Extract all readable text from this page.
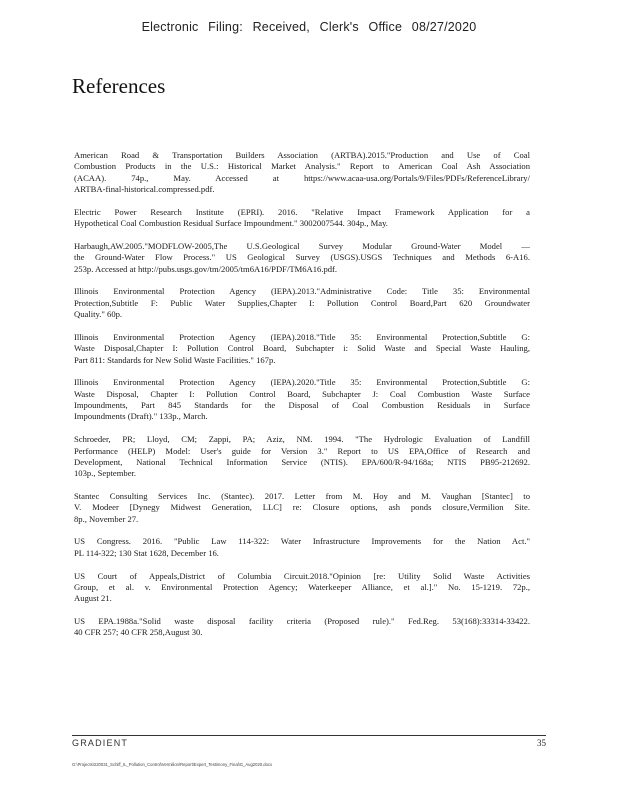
Electronic Filing: Received, Clerk's Office 08/27/2020
References
American Road & Transportation Builders Association (ARTBA).2015."Production and Use of Coal
Combustion Products in the U.S.: Historical Market Analysis." Report to American Coal Ash Association
(ACAA). 74p., May. Accessed at https://www.acaa-usa.org/Portals/9/Files/PDFs/ReferenceLibrary/
ARTBA-final-historical.compressed.pdf.
Electric Power Research Institute (EPRI). 2016. "Relative Impact Framework Application for a
Hypothetical Coal Combustion Residual Surface Impoundment." 3002007544. 304p., May.
Harbaugh,AW.2005."MODFLOW-2005,The U.S.Geological Survey Modular Ground-Water Model —
the Ground-Water Flow Process." US Geological Survey (USGS).USGS Techniques and Methods 6-A16.
253p. Accessed at http://pubs.usgs.gov/tm/2005/tm6A16/PDF/TM6A16.pdf.
Illinois Environmental Protection Agency (IEPA).2013."Administrative Code: Title 35: Environmental
Protection,Subtitle F: Public Water Supplies,Chapter I: Pollution Control Board,Part 620 Groundwater
Quality." 60p.
Illinois Environmental Protection Agency (IEPA).2018."Title 35: Environmental Protection,Subtitle G:
Waste Disposal,Chapter I: Pollution Control Board, Subchapter i: Solid Waste and Special Waste Hauling,
Part 811: Standards for New Solid Waste Facilities." 167p.
Illinois Environmental Protection Agency (IEPA).2020."Title 35: Environmental Protection,Subtitle G:
Waste Disposal, Chapter I: Pollution Control Board, Subchapter J: Coal Combustion Waste Surface
Impoundments, Part 845 Standards for the Disposal of Coal Combustion Residuals in Surface
Impoundments (Draft)." 133p., March.
Schroeder, PR; Lloyd, CM; Zappi, PA; Aziz, NM. 1994. "The Hydrologic Evaluation of Landfill
Performance (HELP) Model: User's guide for Version 3." Report to US EPA,Office of Research and
Development, National Technical Information Service (NTIS). EPA/600/R-94/168a; NTIS PB95-212692.
103p., September.
Stantec Consulting Services Inc. (Stantec). 2017. Letter from M. Hoy and M. Vaughan [Stantec] to
V. Modeer [Dynegy Midwest Generation, LLC] re: Closure options, ash ponds closure,Vermilion Site.
8p., November 27.
US Congress. 2016. "Public Law 114-322: Water Infrastructure Improvements for the Nation Act."
PL 114-322; 130 Stat 1628, December 16.
US Court of Appeals,District of Columbia Circuit.2018."Opinion [re: Utility Solid Waste Activities
Group, et al. v. Environmental Protection Agency; Waterkeeper Alliance, et al.]." No. 15-1219. 72p.,
August 21.
US EPA.1988a."Solid waste disposal facility criteria (Proposed rule)." Fed.Reg. 53(168):33314-33422.
40 CFR 257; 40 CFR 258,August 30.
GRADIENT	35
G:\Projects\220031_Schiff_IL_Pollution_Control\Vermilion\Report\Expert_Testimony_Final\G_Aug2020.docx
